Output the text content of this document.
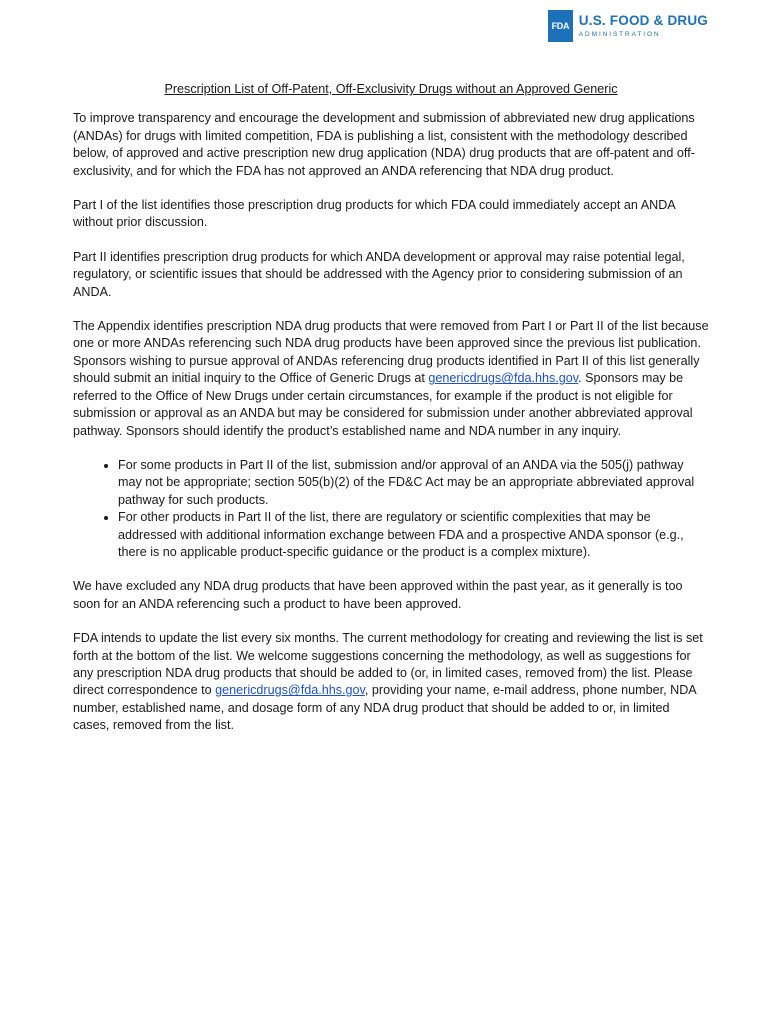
FDA U.S. FOOD & DRUG
ADMINISTRATION
Prescription List of Off-Patent, Off-Exclusivity Drugs without an Approved Generic

To improve transparency and encourage the development and submission of abbreviated new drug applications (ANDAs) for drugs with limited competition, FDA is publishing a list, consistent with the methodology described below, of approved and active prescription new drug application (NDA) drug products that are off-patent and off-exclusivity, and for which the FDA has not approved an ANDA referencing that NDA drug product.

Part I of the list identifies those prescription drug products for which FDA could immediately accept an ANDA without prior discussion.

Part II identifies prescription drug products for which ANDA development or approval may raise potential legal, regulatory, or scientific issues that should be addressed with the Agency prior to considering submission of an ANDA.

The Appendix identifies prescription NDA drug products that were removed from Part I or Part II of the list because one or more ANDAs referencing such NDA drug products have been approved since the previous list publication. Sponsors wishing to pursue approval of ANDAs referencing drug products identified in Part II of this list generally should submit an initial inquiry to the Office of Generic Drugs at genericdrugs@fda.hhs.gov. Sponsors may be referred to the Office of New Drugs under certain circumstances, for example if the product is not eligible for submission or approval as an ANDA but may be considered for submission under another abbreviated approval pathway. Sponsors should identify the product’s established name and NDA number in any inquiry.

• For some products in Part II of the list, submission and/or approval of an ANDA via the 505(j) pathway may not be appropriate; section 505(b)(2) of the FD&C Act may be an appropriate abbreviated approval pathway for such products.
• For other products in Part II of the list, there are regulatory or scientific complexities that may be addressed with additional information exchange between FDA and a prospective ANDA sponsor (e.g., there is no applicable product-specific guidance or the product is a complex mixture).

We have excluded any NDA drug products that have been approved within the past year, as it generally is too soon for an ANDA referencing such a product to have been approved.

FDA intends to update the list every six months. The current methodology for creating and reviewing the list is set forth at the bottom of the list. We welcome suggestions concerning the methodology, as well as suggestions for any prescription NDA drug products that should be added to (or, in limited cases, removed from) the list. Please direct correspondence to genericdrugs@fda.hhs.gov, providing your name, e-mail address, phone number, NDA number, established name, and dosage form of any NDA drug product that should be added to or, in limited cases, removed from the list.
